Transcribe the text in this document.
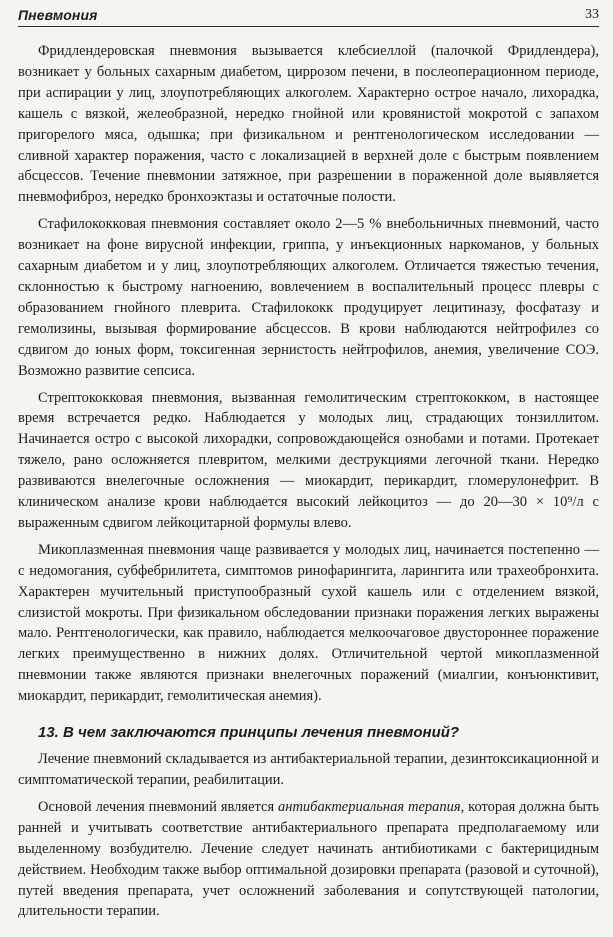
Пневмония	33

Фридлендеровская пневмония вызывается клебсиеллой (палочкой Фридлендера), возникает у больных сахарным диабетом, циррозом печени, в послеоперационном периоде, при аспирации у лиц, злоупотребляющих алкоголем. Характерно острое начало, лихорадка, кашель с вязкой, желеобразной, нередко гнойной или кровянистой мокротой с запахом пригорелого мяса, одышка; при физикальном и рентгенологическом исследовании — сливной характер поражения, часто с локализацией в верхней доле с быстрым появлением абсцессов. Течение пневмонии затяжное, при разрешении в пораженной доле выявляется пневмофиброз, нередко бронхоэктазы и остаточные полости.

Стафилококковая пневмония составляет около 2—5 % внебольничных пневмоний, часто возникает на фоне вирусной инфекции, гриппа, у инъекционных наркоманов, у больных сахарным диабетом и у лиц, злоупотребляющих алкоголем. Отличается тяжестью течения, склонностью к быстрому нагноению, вовлечением в воспалительный процесс плевры с образованием гнойного плеврита. Стафилококк продуцирует лецитиназу, фосфатазу и гемолизины, вызывая формирование абсцессов. В крови наблюдаются нейтрофилез со сдвигом до юных форм, токсигенная зернистость нейтрофилов, анемия, увеличение СОЭ. Возможно развитие сепсиса.

Стрептококковая пневмония, вызванная гемолитическим стрептококком, в настоящее время встречается редко. Наблюдается у молодых лиц, страдающих тонзиллитом. Начинается остро с высокой лихорадки, сопровождающейся ознобами и потами. Протекает тяжело, рано осложняется плевритом, мелкими деструкциями легочной ткани. Нередко развиваются внелегочные осложнения — миокардит, перикардит, гломерулонефрит. В клиническом анализе крови наблюдается высокий лейкоцитоз — до 20—30 × 10⁹/л с выраженным сдвигом лейкоцитарной формулы влево.

Микоплазменная пневмония чаще развивается у молодых лиц, начинается постепенно — с недомогания, субфебрилитета, симптомов ринофарингита, ларингита или трахеобронхита. Характерен мучительный приступообразный сухой кашель или с отделением вязкой, слизистой мокроты. При физикальном обследовании признаки поражения легких выражены мало. Рентгенологически, как правило, наблюдается мелкоочаговое двустороннее поражение легких преимущественно в нижних долях. Отличительной чертой микоплазменной пневмонии также являются признаки внелегочных поражений (миалгии, конъюнктивит, миокардит, перикардит, гемолитическая анемия).

13. В чем заключаются принципы лечения пневмоний?

Лечение пневмоний складывается из антибактериальной терапии, дезинтоксикационной и симптоматической терапии, реабилитации.

Основой лечения пневмоний является антибактериальная терапия, которая должна быть ранней и учитывать соответствие антибактериального препарата предполагаемому или выделенному возбудителю. Лечение следует начинать антибиотиками с бактерицидным действием. Необходим также выбор оптимальной дозировки препарата (разовой и суточной), путей введения препарата, учет осложнений заболевания и сопутствующей патологии, длительности терапии.
